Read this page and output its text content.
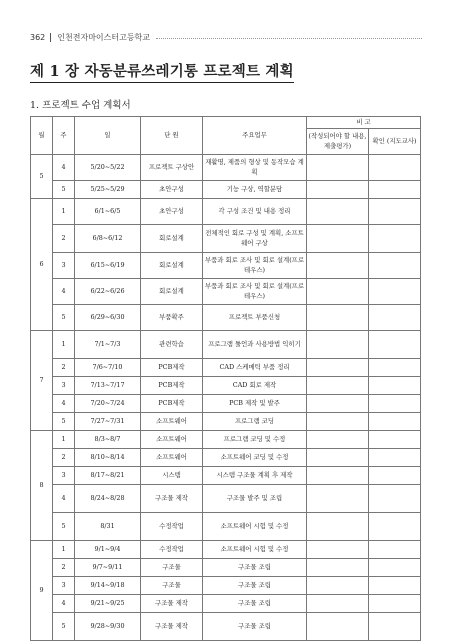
362 인천전자마이스터고등학교
제 1 장 자동분류쓰레기통 프로젝트 계획
1. 프로젝트 수업 계획서
월	주	일	단 원	주요업무	비 고	
					(작성되어야 할 내용, 제출평가)	확인 (지도교사)
5	4	5/20~5/22	프로젝트 구상안	재활명, 제품의 형상 및 동작모습 계획		
	5	5/25~5/29	초안구성	기능 구상, 역할분담		
6	1	6/1~6/5	초안구성	각 구성 조건 및 내용 정리		
	2	6/8~6/12	회로설계	전체적인 회로 구성 및 계획, 소프트웨어 구상		
	3	6/15~6/19	회로설계	부품과 회로 조사 및 회로 설계(프로테우스)		
	4	6/22~6/26	회로설계	부품과 회로 조사 및 회로 설계(프로테우스)		
	5	6/29~6/30	부품확주	프로젝트 부품신청		
7	1	7/1~7/3	관련학습	프로그램 툴언과 사용방법 익히기		
	2	7/6~7/10	PCB제작	CAD 스케메틱 부품 정리		
	3	7/13~7/17	PCB제작	CAD 회로 제작		
	4	7/20~7/24	PCB제작	PCB 제작 및 발주		
	5	7/27~7/31	소프트웨어	프로그램 코딩		
8	1	8/3~8/7	소프트웨어	프로그램 코딩 및 수정		
	2	8/10~8/14	소프트웨어	소프트웨어 코딩 및 수정		
	3	8/17~8/21	시스템	시스템 구조물 계획 후 제작		
	4	8/24~8/28	구조물 제작	구조물 발주 및 조립		
	5	8/31	수정작업	소프트웨어 시험 및 수정		
9	1	9/1~9/4	수정작업	소프트웨어 시험 및 수정		
	2	9/7~9/11	구조물	구조물 조립		
	3	9/14~9/18	구조물	구조물 조립		
	4	9/21~9/25	구조물 제작	구조물 조립		
	5	9/28~9/30	구조물 제작	구조물 조립		
